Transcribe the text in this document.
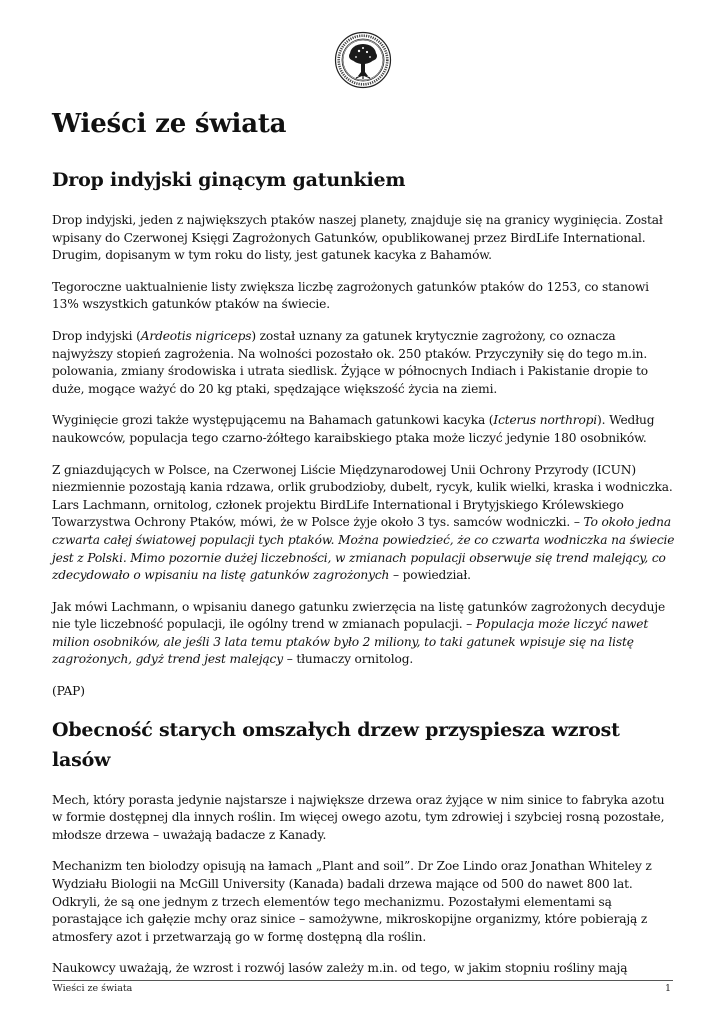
Wieści ze świata
Drop indyjski ginącym gatunkiem

Drop indyjski, jeden z największych ptaków naszej planety, znajduje się na granicy wyginięcia. Został wpisany do Czerwonej Księgi Zagrożonych Gatunków, opublikowanej przez BirdLife International. Drugim, dopisanym w tym roku do listy, jest gatunek kacyka z Bahamów.

Tegoroczne uaktualnienie listy zwiększa liczbę zagrożonych gatunków ptaków do 1253, co stanowi 13% wszystkich gatunków ptaków na świecie.

Drop indyjski (Ardeotis nigriceps) został uznany za gatunek krytycznie zagrożony, co oznacza najwyższy stopień zagrożenia. Na wolności pozostało ok. 250 ptaków. Przyczyniły się do tego m.in. polowania, zmiany środowiska i utrata siedlisk. Żyjące w północnych Indiach i Pakistanie dropie to duże, mogące ważyć do 20 kg ptaki, spędzające większość życia na ziemi.

Wyginięcie grozi także występującemu na Bahamach gatunkowi kacyka (Icterus northropi). Według naukowców, populacja tego czarno-żółtego karaibskiego ptaka może liczyć jedynie 180 osobników.

Z gniazdujących w Polsce, na Czerwonej Liście Międzynarodowej Unii Ochrony Przyrody (ICUN) niezmiennie pozostają kania rdzawa, orlik grubodzioby, dubelt, rycyk, kulik wielki, kraska i wodniczka. Lars Lachmann, ornitolog, członek projektu BirdLife International i Brytyjskiego Królewskiego Towarzystwa Ochrony Ptaków, mówi, że w Polsce żyje około 3 tys. samców wodniczki. – To około jedna czwarta całej światowej populacji tych ptaków. Można powiedzieć, że co czwarta wodniczka na świecie jest z Polski. Mimo pozornie dużej liczebności, w zmianach populacji obserwuje się trend malejący, co zdecydowało o wpisaniu na listę gatunków zagrożonych – powiedział.

Jak mówi Lachmann, o wpisaniu danego gatunku zwierzęcia na listę gatunków zagrożonych decyduje nie tyle liczebność populacji, ile ogólny trend w zmianach populacji. – Populacja może liczyć nawet milion osobników, ale jeśli 3 lata temu ptaków było 2 miliony, to taki gatunek wpisuje się na listę zagrożonych, gdyż trend jest malejący – tłumaczy ornitolog.

(PAP)

Obecność starych omszałych drzew przyspiesza wzrost lasów

Mech, który porasta jedynie najstarsze i największe drzewa oraz żyjące w nim sinice to fabryka azotu w formie dostępnej dla innych roślin. Im więcej owego azotu, tym zdrowiej i szybciej rosną pozostałe, młodsze drzewa – uważają badacze z Kanady.

Mechanizm ten biolodzy opisują na łamach „Plant and soil”. Dr Zoe Lindo oraz Jonathan Whiteley z Wydziału Biologii na McGill University (Kanada) badali drzewa mające od 500 do nawet 800 lat. Odkryli, że są one jednym z trzech elementów tego mechanizmu. Pozostałymi elementami są porastające ich gałęzie mchy oraz sinice – samożywne, mikroskopijne organizmy, które pobierają z atmosfery azot i przetwarzają go w formę dostępną dla roślin.

Naukowcy uważają, że wzrost i rozwój lasów zależy m.in. od tego, w jakim stopniu rośliny mają

Wieści ze świata	1
